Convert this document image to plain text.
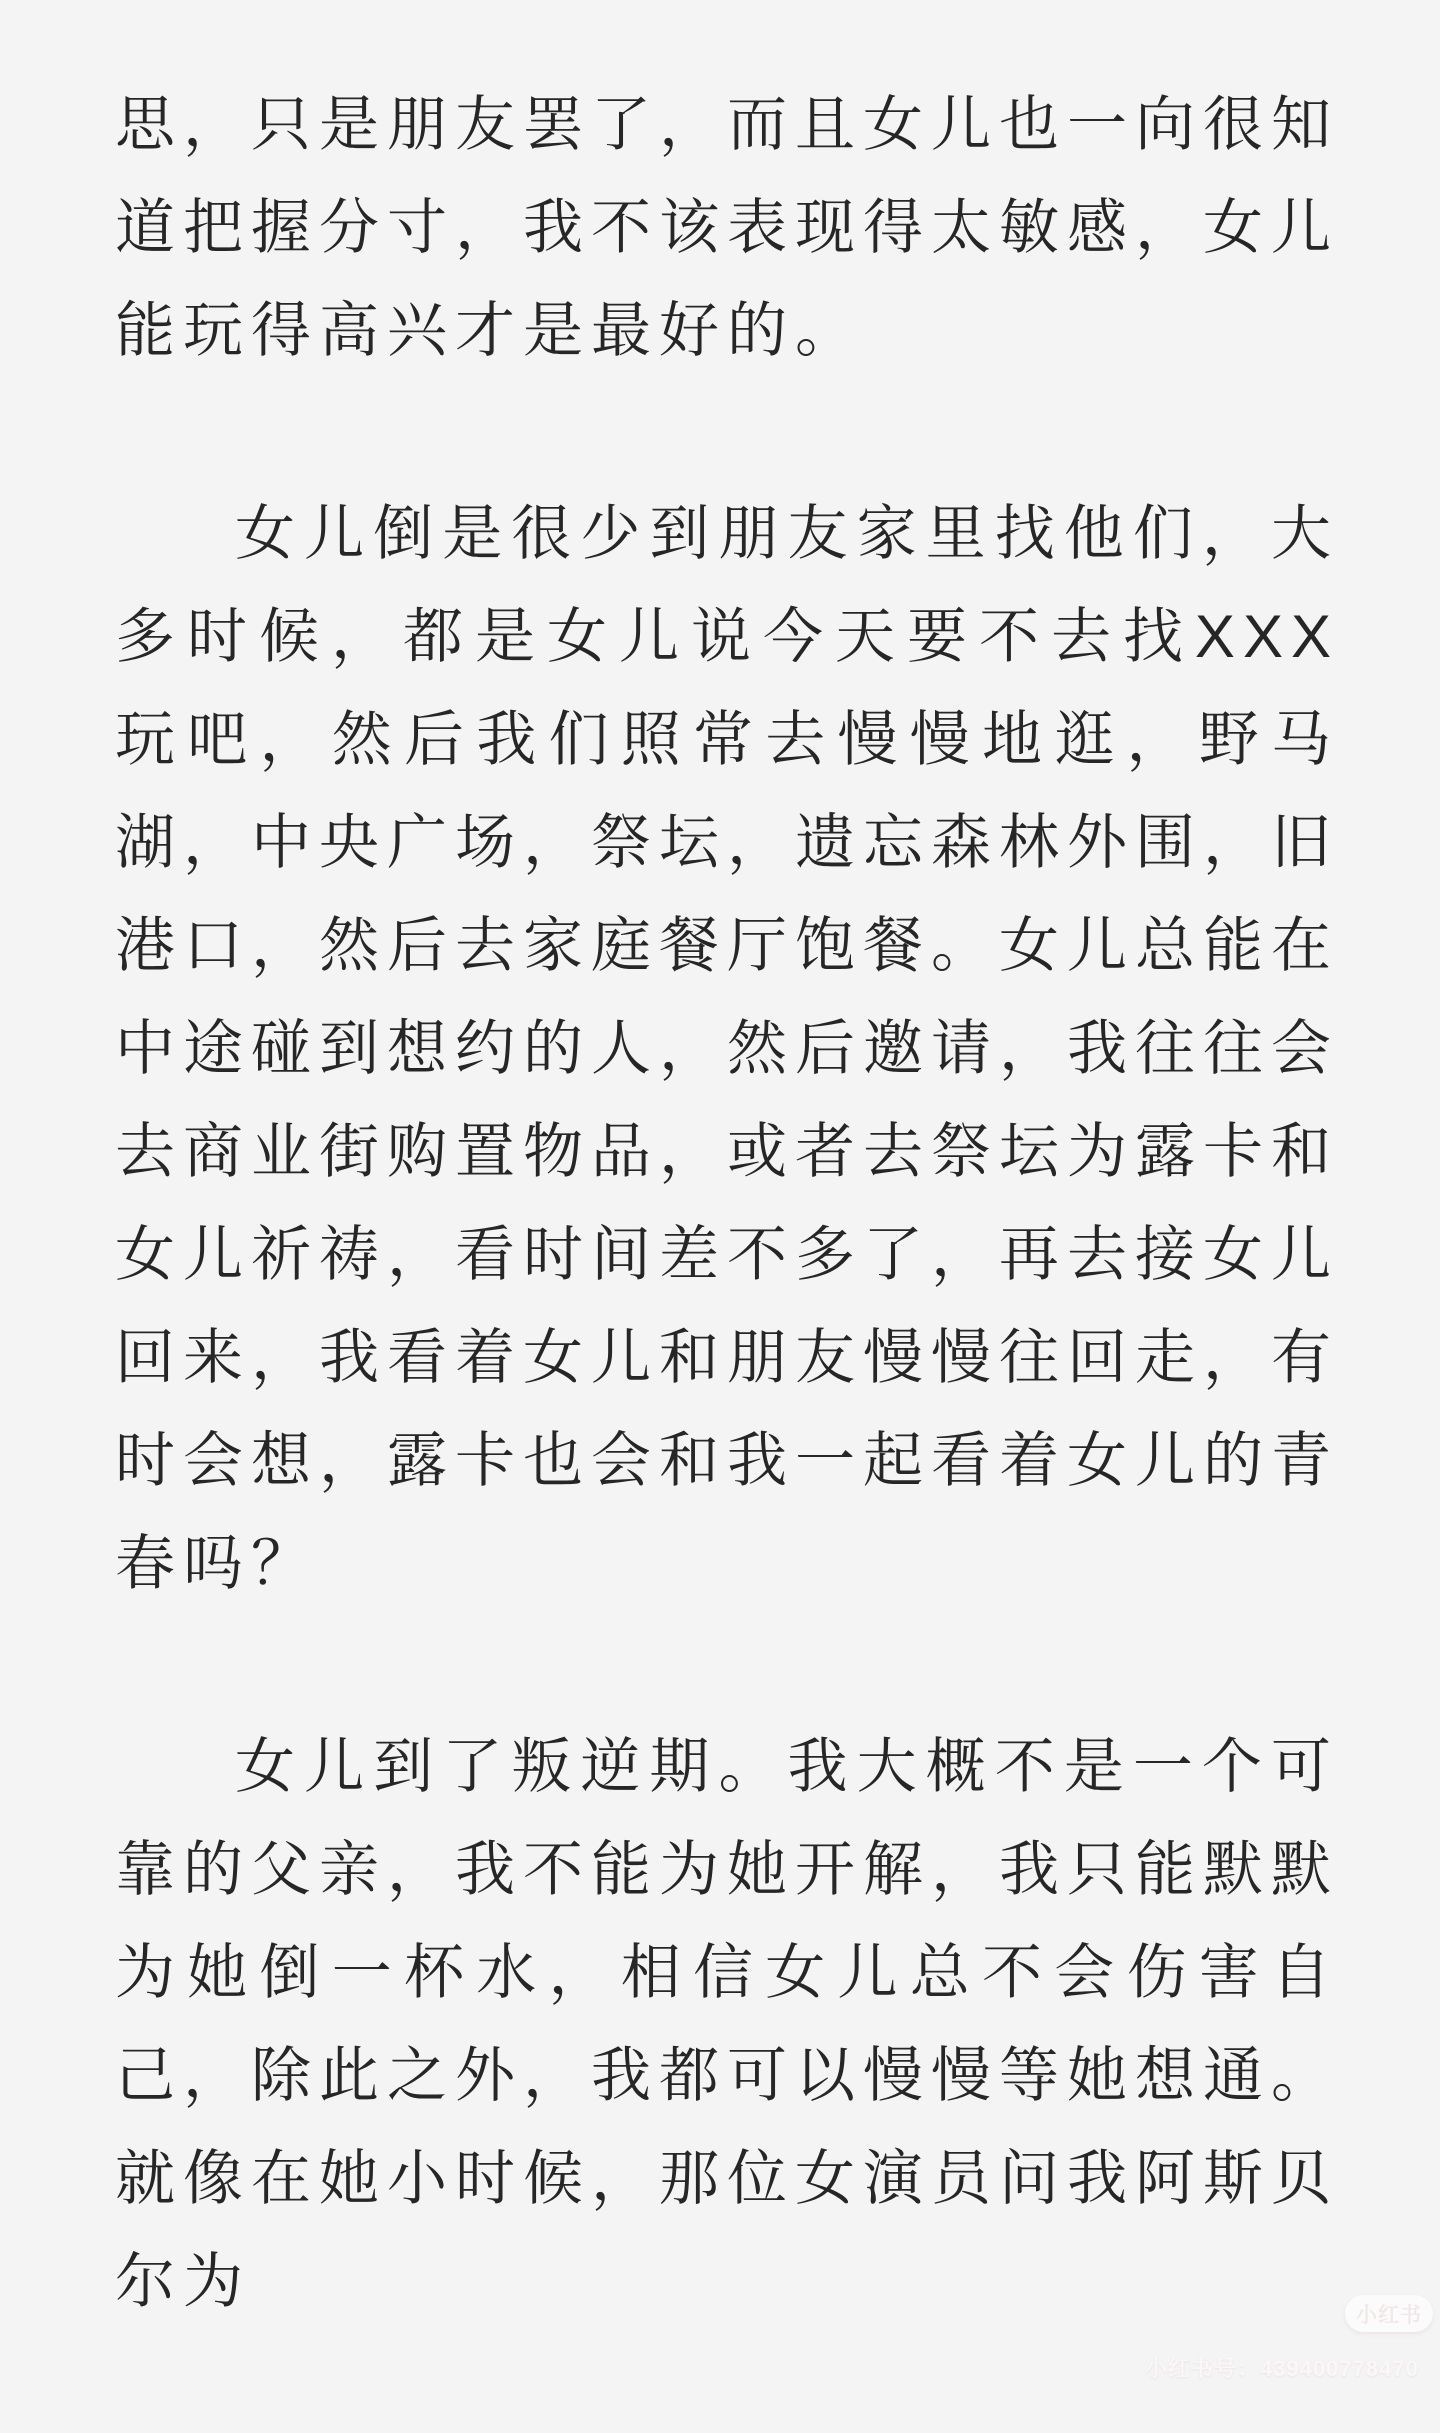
思，只是朋友罢了，而且女儿也一向很知道把握分寸，我不该表现得太敏感，女儿能玩得高兴才是最好的。

女儿倒是很少到朋友家里找他们，大多时候，都是女儿说今天要不去找XXX玩吧，然后我们照常去慢慢地逛，野马湖，中央广场，祭坛，遗忘森林外围，旧港口，然后去家庭餐厅饱餐。女儿总能在中途碰到想约的人，然后邀请，我往往会去商业街购置物品，或者去祭坛为露卡和女儿祈祷，看时间差不多了，再去接女儿回来，我看着女儿和朋友慢慢往回走，有时会想，露卡也会和我一起看着女儿的青春吗？

女儿到了叛逆期。我大概不是一个可靠的父亲，我不能为她开解，我只能默默为她倒一杯水，相信女儿总不会伤害自己，除此之外，我都可以慢慢等她想通。就像在她小时候，那位女演员问我阿斯贝尔为	小红书
小红书号：439400778470
